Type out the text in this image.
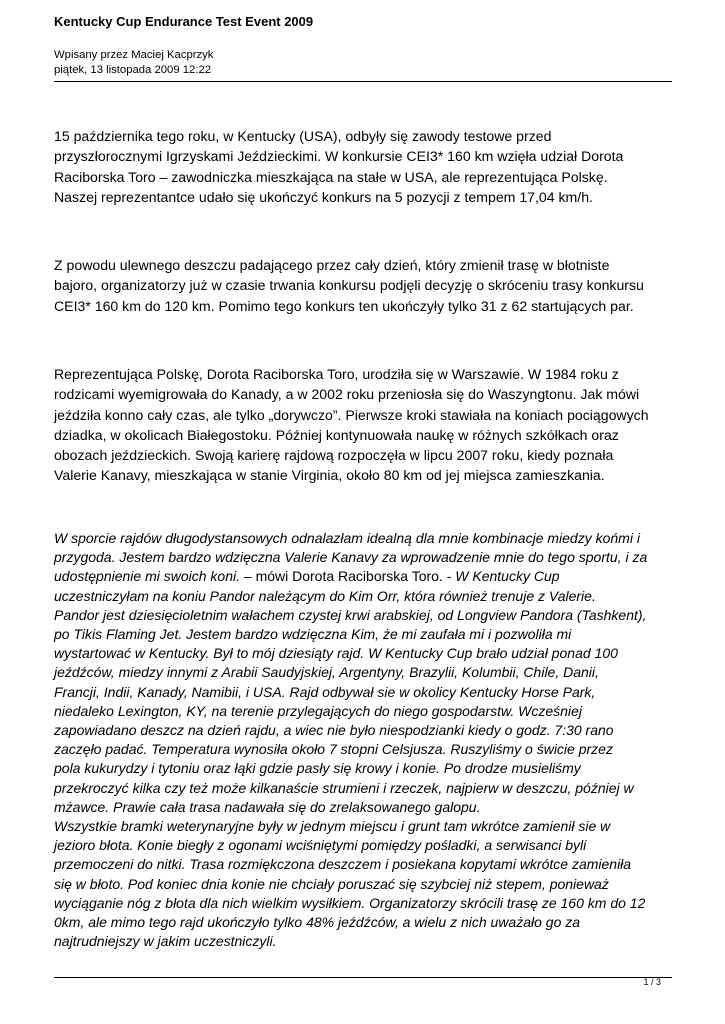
Kentucky Cup Endurance Test Event 2009
Wpisany przez Maciej Kacprzyk
piątek, 13 listopada 2009 12:22
15 października tego roku, w Kentucky (USA), odbyły się zawody testowe przed
przyszłorocznymi Igrzyskami Jeździeckimi. W konkursie CEI3* 160 km wzięła udział Dorota
Raciborska Toro – zawodniczka mieszkająca na stałe w USA, ale reprezentująca Polskę.
Naszej reprezentantce udało się ukończyć konkurs na 5 pozycji z tempem 17,04 km/h.
Z powodu ulewnego deszczu padającego przez cały dzień, który zmienił trasę w błotniste
bajoro, organizatorzy już w czasie trwania konkursu podjęli decyzję o skróceniu trasy konkursu
CEI3* 160 km do 120 km. Pomimo tego konkurs ten ukończyły tylko 31 z 62 startujących par.
Reprezentująca Polskę, Dorota Raciborska Toro, urodziła się w Warszawie. W 1984 roku z
rodzicami wyemigrowała do Kanady, a w 2002 roku przeniosła się do Waszyngtonu. Jak mówi
jeździła konno cały czas, ale tylko „dorywczo”. Pierwsze kroki stawiała na koniach pociągowych
dziadka, w okolicach Białegostoku. Później kontynuowała naukę w różnych szkółkach oraz
obozach jeździeckich. Swoją karierę rajdową rozpoczęła w lipcu 2007 roku, kiedy poznała
Valerie Kanavy, mieszkająca w stanie Virginia, około 80 km od jej miejsca zamieszkania.
W sporcie rajdów długodystansowych odnalazłam idealną dla mnie kombinacje miedzy końmi i
przygoda. Jestem bardzo wdzięczna Valerie Kanavy za wprowadzenie mnie do tego sportu, i za
udostępnienie mi swoich koni. – mówi Dorota Raciborska Toro. - W Kentucky Cup
uczestniczyłam na koniu Pandor należącym do Kim Orr, która również trenuje z Valerie.
Pandor jest dziesięcioletnim wałachem czystej krwi arabskiej, od Longview Pandora (Tashkent),
po Tikis Flaming Jet. Jestem bardzo wdzięczna Kim, że mi zaufała mi i pozwoliła mi
wystartować w Kentucky. Był to mój dziesiąty rajd. W Kentucky Cup brało udział ponad 100
jeźdźców, miedzy innymi z Arabii Saudyjskiej, Argentyny, Brazylii, Kolumbii, Chile, Danii,
Francji, Indii, Kanady, Namibii, i USA. Rajd odbywał sie w okolicy Kentucky Horse Park,
niedaleko Lexington, KY, na terenie przylegających do niego gospodarstw. Wcześniej
zapowiadano deszcz na dzień rajdu, a wiec nie było niespodzianki kiedy o godz. 7:30 rano
zaczęło padać. Temperatura wynosiła około 7 stopni Celsjusza. Ruszyliśmy o świcie przez
pola kukurydzy i tytoniu oraz łąki gdzie pasły się krowy i konie. Po drodze musieliśmy
przekroczyć kilka czy też może kilkanaście strumieni i rzeczek, najpierw w deszczu, później w
mżawce. Prawie cała trasa nadawała się do zrelaksowanego galopu.
Wszystkie bramki weterynaryjne były w jednym miejscu i grunt tam wkrótce zamienił sie w
jezioro błota. Konie biegły z ogonami wciśniętymi pomiędzy pośladki, a serwisanci byli
przemoczeni do nitki. Trasa rozmiękczona deszczem i posiekana kopytami wkrótce zamieniła
się w błoto. Pod koniec dnia konie nie chciały poruszać się szybciej niż stepem, ponieważ
wyciąganie nóg z błota dla nich wielkim wysiłkiem. Organizatorzy skrócili trasę ze 160 km do 12
0km, ale mimo tego rajd ukończyło tylko 48% jeźdźców, a wielu z nich uważało go za
najtrudniejszy w jakim uczestniczyli.
1 / 3
